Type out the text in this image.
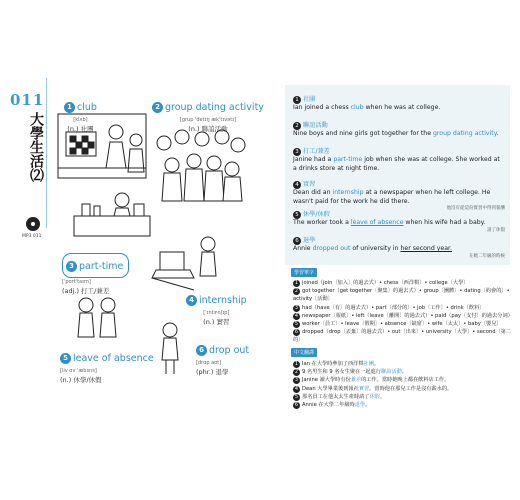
011
大學生活⑵
MP3 011
1 club
[klʌb]
(n.) 社團
2 group dating activity
[grup ˈdetɪŋ ækˈtɪvətɪ]
(n.) 聯誼活動
3 part-time
[ˈpɑrtˈtaɪm]
(adj.) 打工/兼差
4 internship
[ˈɪntɝnʃɪp]
(n.) 實習
5 leave of absence
[liv ɑv ˈæbsns]
(n.) 休學/休假
6 drop out
[drɑp aʊt]
(phr.) 退學
1 社團
Ian joined a chess club when he was at college.
2 聯誼活動
Nine boys and nine girls got together for the group dating activity.
3 打工/兼差
Janine had a part-time job when she was at college. She worked at a drinks store at night time.
4 實習
Dean did an internship at a newspaper when he left college. He wasn't paid for the work he did there.
他沒有從這份實習中得到報酬
5 休學/休假
The worker took a leave of absence when his wife had a baby.
請了休假
6 退學
Annie dropped out of university in her second year.
在她二年級的時候
學習單字
1 joined（join〔加入〕的過去式）• chess〔西洋棋〕• college〔大學〕
2 got together（get together〔聚集〕的過去式）• group〔團體〕• dating〔約會的〕• activity〔活動〕
3 had（have〔有〕的過去式）• part〔部分的〕• job〔工作〕• drink〔飲料〕
4 newspaper〔報紙〕• left（leave〔離開〕的過去式）• paid（pay〔支付〕的過去分詞）
5 worker〔員工〕• leave〔假期〕• absence〔缺席〕• wife〔太太〕• baby〔嬰兒〕
6 dropped（drop〔丟棄〕的過去式）• out〔出來〕• university〔大學〕• second〔第二的〕
中文翻譯
1 Ian 在大學時參加了西洋棋社團。
2 9 名男生和 9 名女生聚在一起進行聯誼活動。
3 Janine 讀大學時有份兼差的工作。當時她晚上都在飲料店工作。
4 Dean 大學畢業後到報社實習。當時他在那兒工作是沒有薪水的。
5 那名員工在他太太生產時請了休假。
6 Annie 在大學二年級時退學。
